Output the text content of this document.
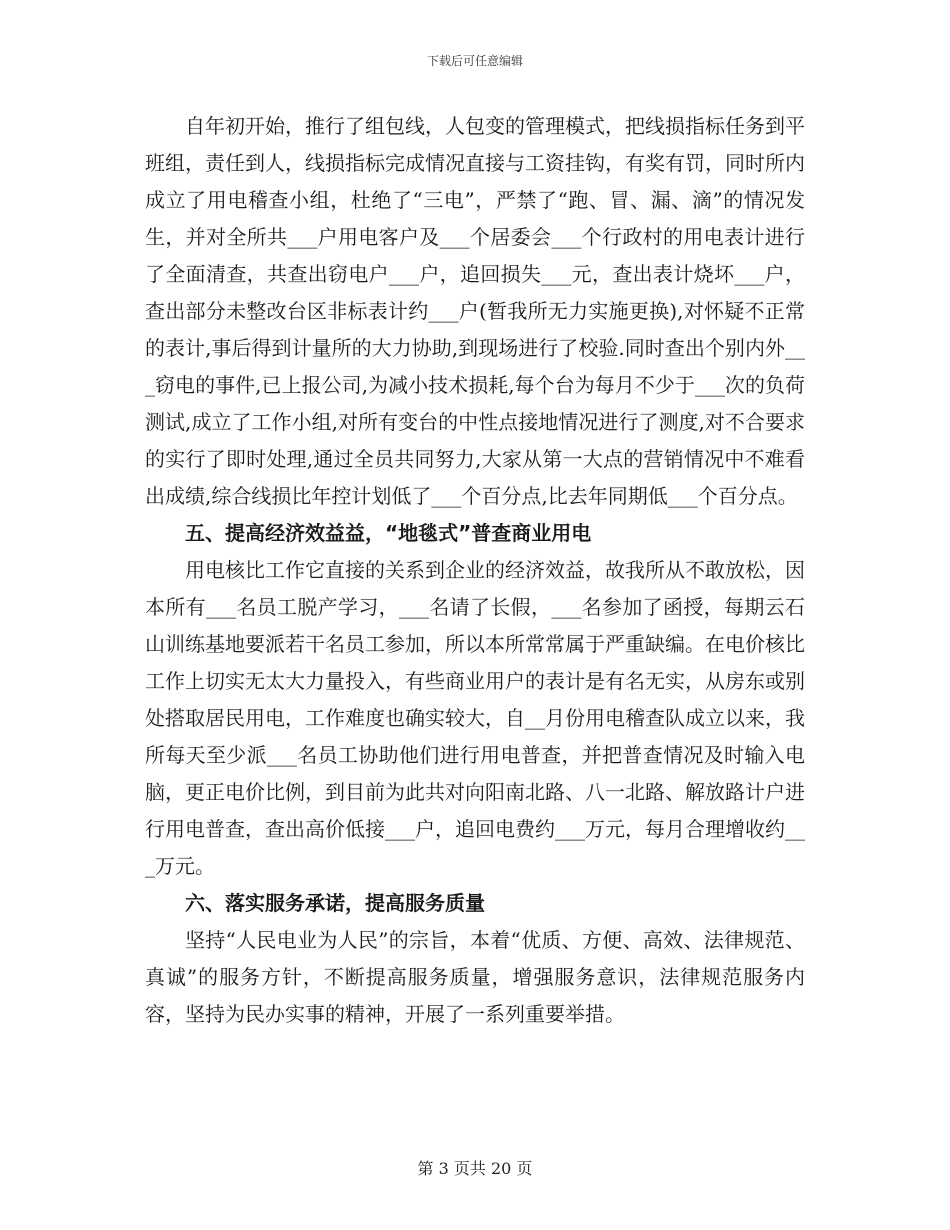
下载后可任意编辑

自年初开始，推行了组包线，人包变的管理模式，把线损指标任务到平班组，责任到人，线损指标完成情况直接与工资挂钩，有奖有罚，同时所内成立了用电稽查小组，杜绝了“三电”，严禁了“跑、冒、漏、滴”的情况发生，并对全所共___户用电客户及___个居委会___个行政村的用电表计进行了全面清查，共查出窃电户___户，追回损失___元，查出表计烧坏___户，查出部分未整改台区非标表计约___户(暂我所无力实施更换),对怀疑不正常的表计,事后得到计量所的大力协助,到现场进行了校验.同时查出个别内外___窃电的事件,已上报公司,为减小技术损耗,每个台为每月不少于___次的负荷测试,成立了工作小组,对所有变台的中性点接地情况进行了测度,对不合要求的实行了即时处理,通过全员共同努力,大家从第一大点的营销情况中不难看出成绩,综合线损比年控计划低了___个百分点,比去年同期低___个百分点。

五、提高经济效益益，“地毯式”普查商业用电

用电核比工作它直接的关系到企业的经济效益，故我所从不敢放松，因本所有___名员工脱产学习，___名请了长假，___名参加了函授，每期云石山训练基地要派若干名员工参加，所以本所常常属于严重缺编。在电价核比工作上切实无太大力量投入，有些商业用户的表计是有名无实，从房东或别处搭取居民用电，工作难度也确实较大，自__月份用电稽查队成立以来，我所每天至少派___名员工协助他们进行用电普查，并把普查情况及时输入电脑，更正电价比例，到目前为此共对向阳南北路、八一北路、解放路计户进行用电普查，查出高价低接___户，追回电费约___万元，每月合理增收约___万元。

六、落实服务承诺，提高服务质量

坚持“人民电业为人民”的宗旨，本着“优质、方便、高效、法律规范、真诚”的服务方针，不断提高服务质量，增强服务意识，法律规范服务内容，坚持为民办实事的精神，开展了一系列重要举措。

第 3 页共 20 页
